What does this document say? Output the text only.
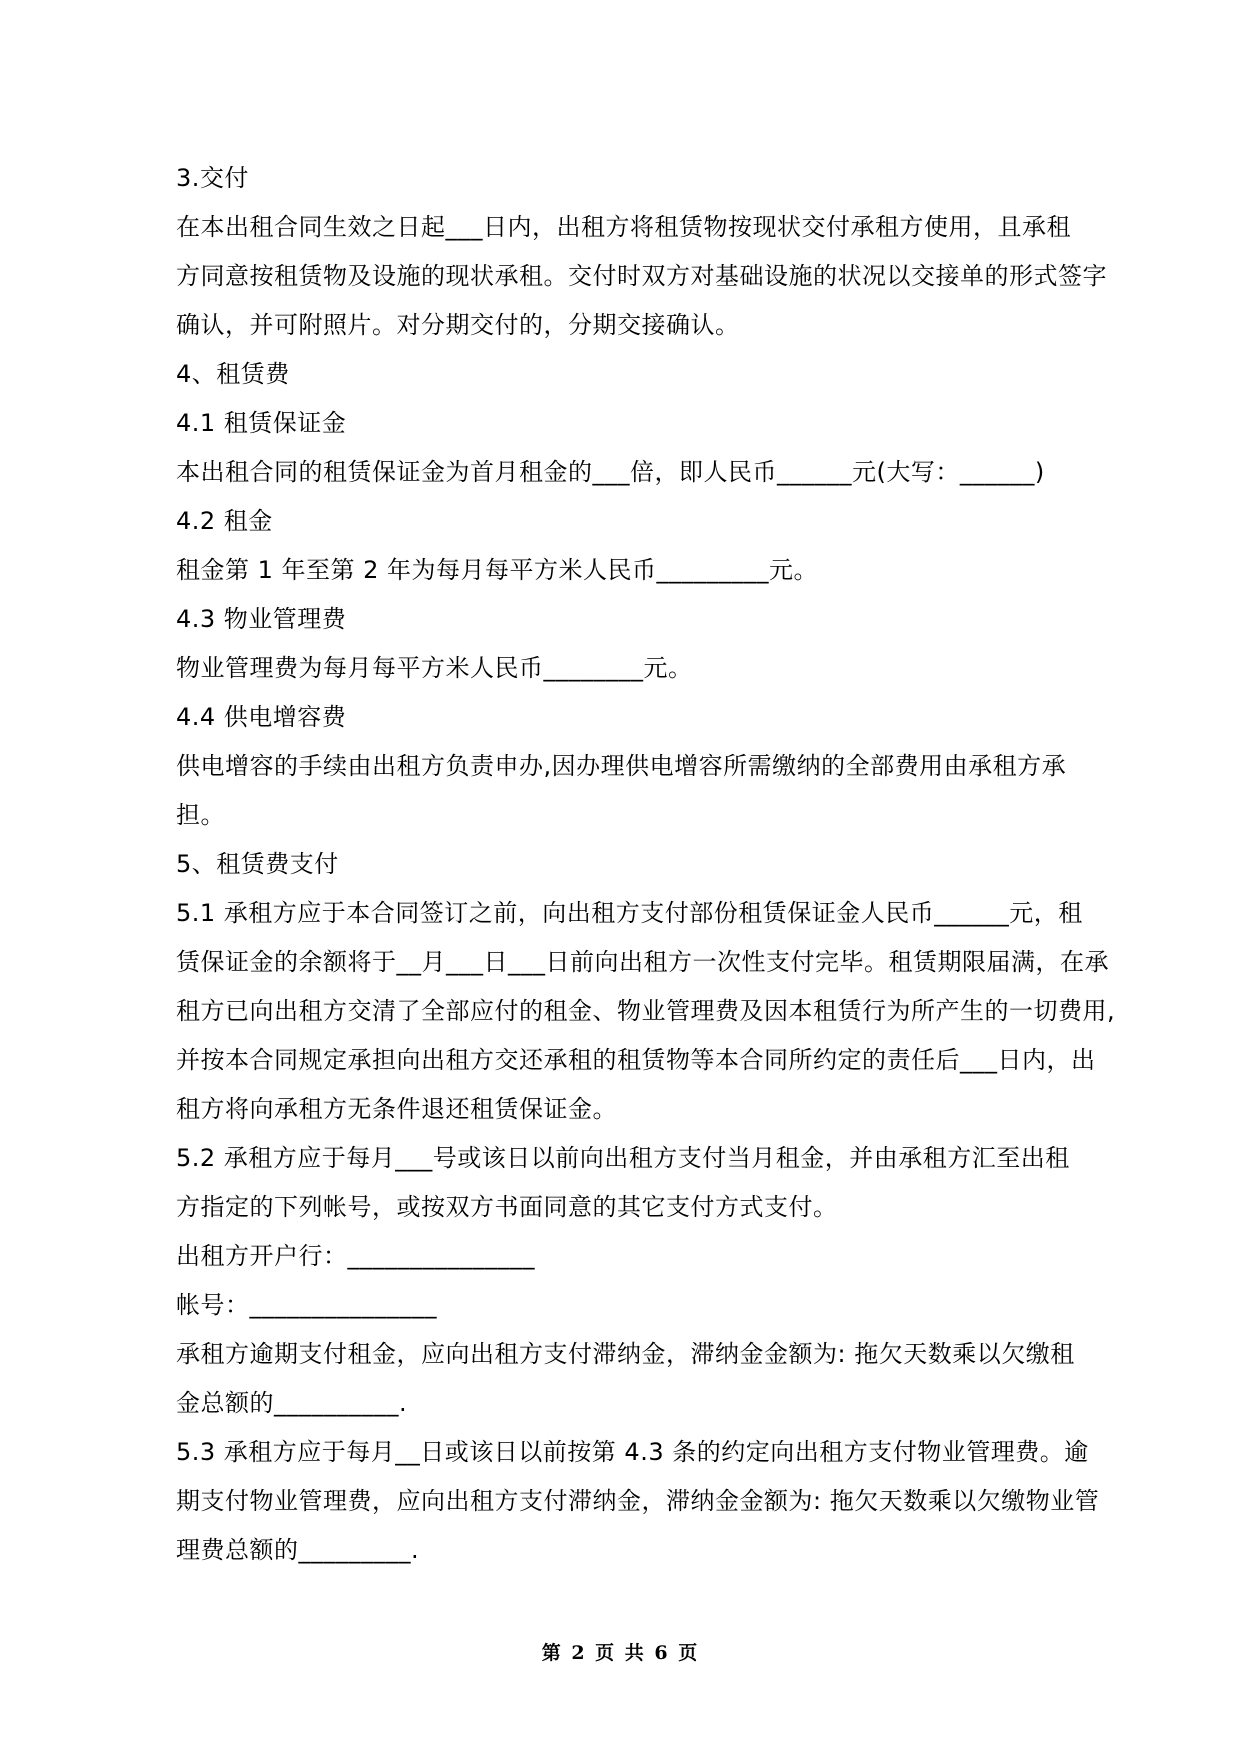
3.交付
在本出租合同生效之日起___日内，出租方将租赁物按现状交付承租方使用，且承租
方同意按租赁物及设施的现状承租。交付时双方对基础设施的状况以交接单的形式签字
确认，并可附照片。对分期交付的，分期交接确认。
4、租赁费
4.1 租赁保证金
本出租合同的租赁保证金为首月租金的___倍，即人民币______元(大写：______)
4.2 租金
租金第 1 年至第 2 年为每月每平方米人民币_________元。
4.3 物业管理费
物业管理费为每月每平方米人民币________元。
4.4 供电增容费
供电增容的手续由出租方负责申办,因办理供电增容所需缴纳的全部费用由承租方承
担。
5、租赁费支付
5.1 承租方应于本合同签订之前，向出租方支付部份租赁保证金人民币______元，租
赁保证金的余额将于__月___日___日前向出租方一次性支付完毕。租赁期限届满，在承
租方已向出租方交清了全部应付的租金、物业管理费及因本租赁行为所产生的一切费用,
并按本合同规定承担向出租方交还承租的租赁物等本合同所约定的责任后___日内，出
租方将向承租方无条件退还租赁保证金。
5.2 承租方应于每月___号或该日以前向出租方支付当月租金，并由承租方汇至出租
方指定的下列帐号，或按双方书面同意的其它支付方式支付。
出租方开户行：_______________
帐号：_______________
承租方逾期支付租金，应向出租方支付滞纳金，滞纳金金额为: 拖欠天数乘以欠缴租
金总额的__________.
5.3 承租方应于每月__日或该日以前按第 4.3 条的约定向出租方支付物业管理费。逾
期支付物业管理费，应向出租方支付滞纳金，滞纳金金额为: 拖欠天数乘以欠缴物业管
理费总额的_________.
第 2 页 共 6 页
